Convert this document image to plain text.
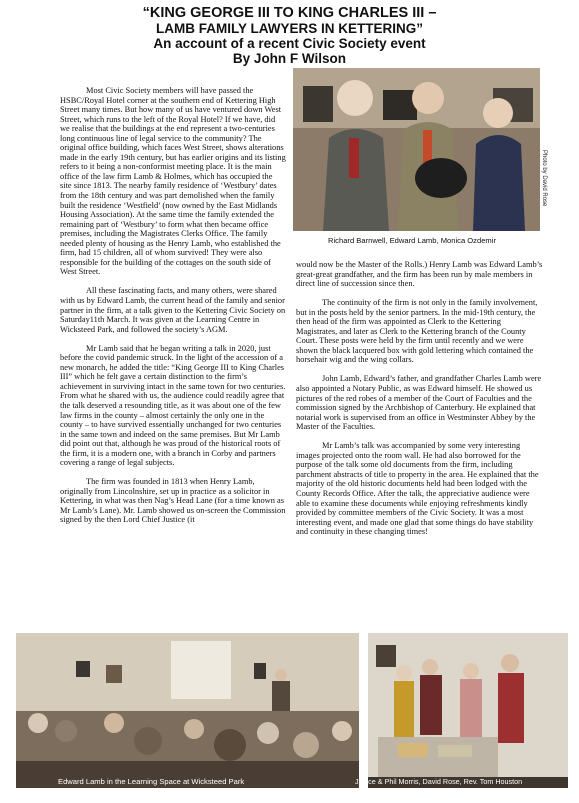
“KING GEORGE III TO KING CHARLES III –
LAMB FAMILY LAWYERS IN KETTERING”
An account of a recent Civic Society event
By John F Wilson

Most Civic Society members will have passed the HSBC/Royal Hotel corner at the southern end of Kettering High Street many times. But how many of us have ventured down West Street, which runs to the left of the Royal Hotel? If we have, did we realise that the buildings at the end represent a two-centuries long continuous line of legal service to the community? The original office building, which faces West Street, shows alterations made in the early 19th century, but has earlier origins and its listing refers to it being a non-conformist meeting place. It is the main office of the law firm Lamb & Holmes, which has occupied the site since 1813. The nearby family residence of ‘Westbury’ dates from the 18th century and was part demolished when the family built the residence ‘Westfield’ (now owned by the East Midlands Housing Association). At the same time the family extended the remaining part of ‘Westbury’ to form what then became office premises, including the Magistrates Clerks Office. The family needed plenty of housing as the Henry Lamb, who established the firm, had 15 children, all of whom survived! They were also responsible for the building of the cottages on the south side of West Street.

All these fascinating facts, and many others, were shared with us by Edward Lamb, the current head of the family and senior partner in the firm, at a talk given to the Kettering Civic Society on Saturday11th March. It was given at the Learning Centre in Wicksteed Park, and followed the society’s AGM.

Mr Lamb said that he began writing a talk in 2020, just before the covid pandemic struck. In the light of the accession of a new monarch, he added the title: “King George III to King Charles III” which he felt gave a certain distinction to the firm’s achievement in surviving intact in the same town for two centuries. From what he shared with us, the audience could readily agree that the talk deserved a resounding title, as it was about one of the few law firms in the county – almost certainly the only one in the county – to have survived essentially unchanged for two centuries in the same town and indeed on the same premises. But Mr Lamb did point out that, although he was proud of the historical roots of the firm, it is a modern one, with a branch in Corby and partners covering a range of legal subjects.

The firm was founded in 1813 when Henry Lamb, originally from Lincolnshire, set up in practice as a solicitor in Kettering, in what was then Nag’s Head Lane (for a time known as Mr Lamb’s Lane). Mr. Lamb showed us on-screen the Commission signed by the then Lord Chief Justice (it

Photo by David Rose
Richard Barnwell, Edward Lamb, Monica Ozdemir

would now be the Master of the Rolls.) Henry Lamb was Edward Lamb’s great-great grandfather, and the firm has been run by male members in direct line of succession since then.

The continuity of the firm is not only in the family involvement, but in the posts held by the senior partners. In the mid-19th century, the then head of the firm was appointed as Clerk to the Kettering Magistrates, and later as Clerk to the Kettering branch of the County Court. These posts were held by the firm until recently and we were shown the black lacquered box with gold lettering which contained the horsehair wig and the wing collars.

John Lamb, Edward’s father, and grandfather Charles Lamb were also appointed a Notary Public, as was Edward himself. He showed us pictures of the red robes of a member of the Court of Faculties and the commission signed by the Archbishop of Canterbury. He explained that notarial work is supervised from an office in Westminster Abbey by the Master of the Faculties.

Mr Lamb’s talk was accompanied by some very interesting images projected onto the room wall. He had also borrowed for the purpose of the talk some old documents from the firm, including parchment abstracts of title to property in the area. He explained that the majority of the old historic documents held had been lodged with the County Records Office. After the talk, the appreciative audience were able to examine these documents while enjoying refreshments kindly provided by committee members of the Civic Society. It was a most interesting event, and made one glad that some things do have stability and continuity in these changing times!

Edward Lamb in the Learning Space at Wicksteed Park	Janice & Phil Morris, David Rose, Rev. Tom Houston
